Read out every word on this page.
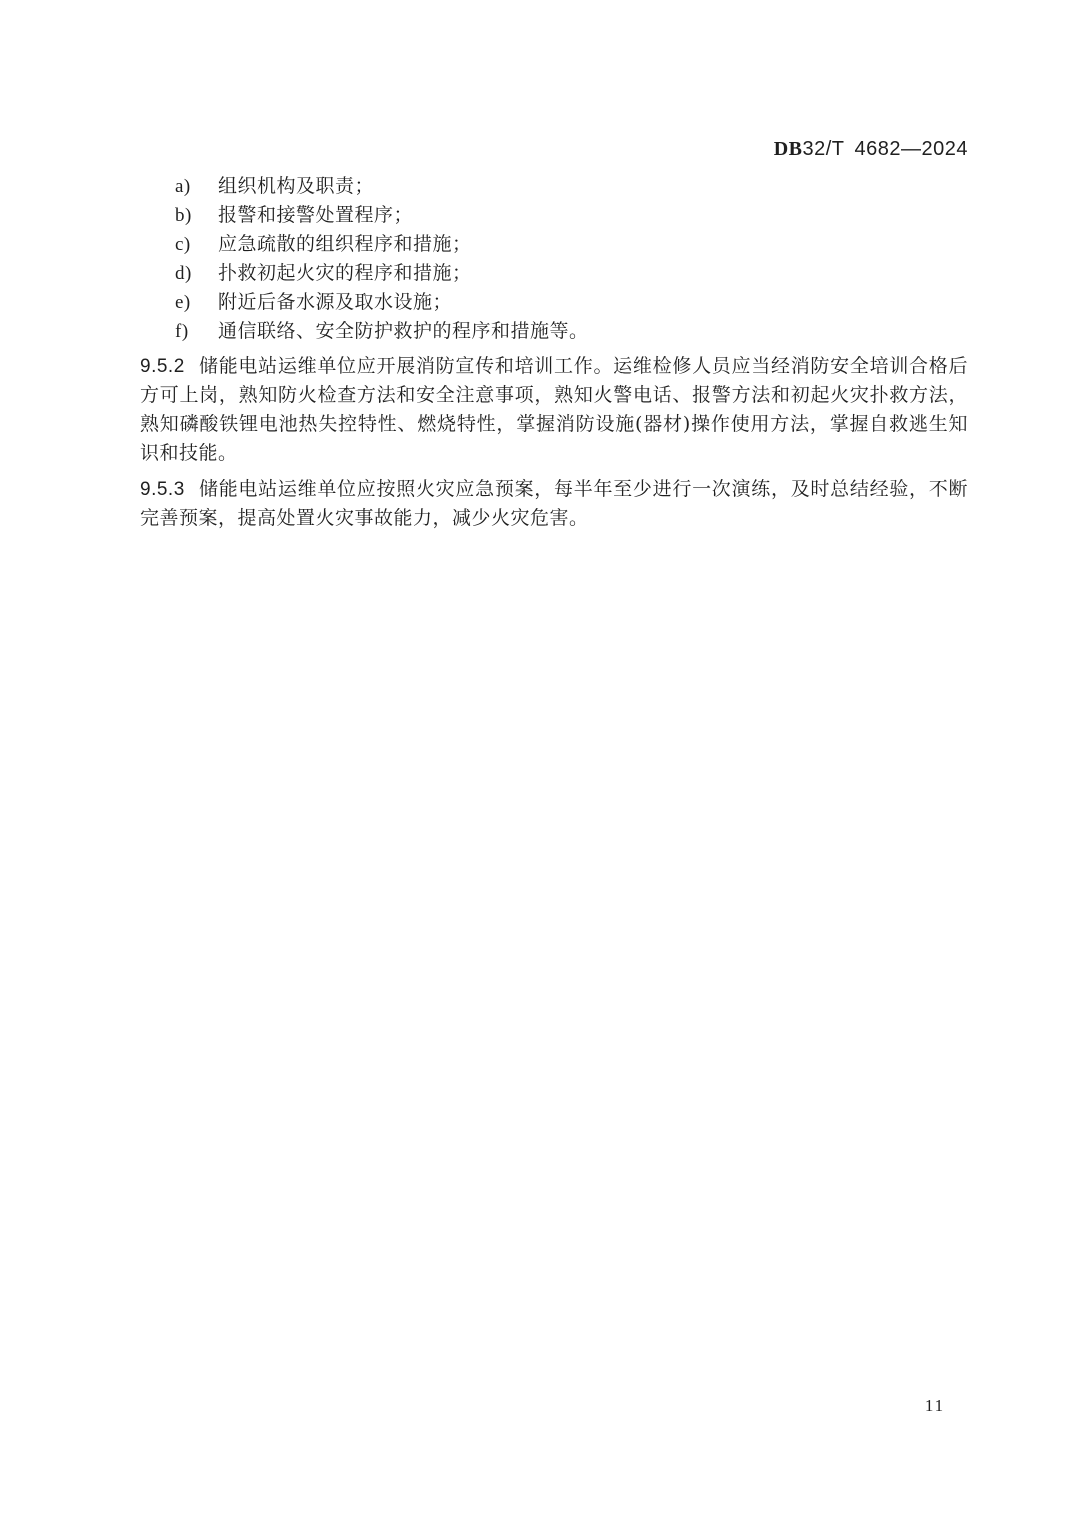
DB32/T 4682—2024
a)	组织机构及职责；
b)	报警和接警处置程序；
c)	应急疏散的组织程序和措施；
d)	扑救初起火灾的程序和措施；
e)	附近后备水源及取水设施；
f)	通信联络、安全防护救护的程序和措施等。

9.5.2 储能电站运维单位应开展消防宣传和培训工作。运维检修人员应当经消防安全培训合格后方可上岗，熟知防火检查方法和安全注意事项，熟知火警电话、报警方法和初起火灾扑救方法，熟知磷酸铁锂电池热失控特性、燃烧特性，掌握消防设施(器材)操作使用方法，掌握自救逃生知识和技能。

9.5.3 储能电站运维单位应按照火灾应急预案，每半年至少进行一次演练，及时总结经验，不断完善预案，提高处置火灾事故能力，减少火灾危害。

11
